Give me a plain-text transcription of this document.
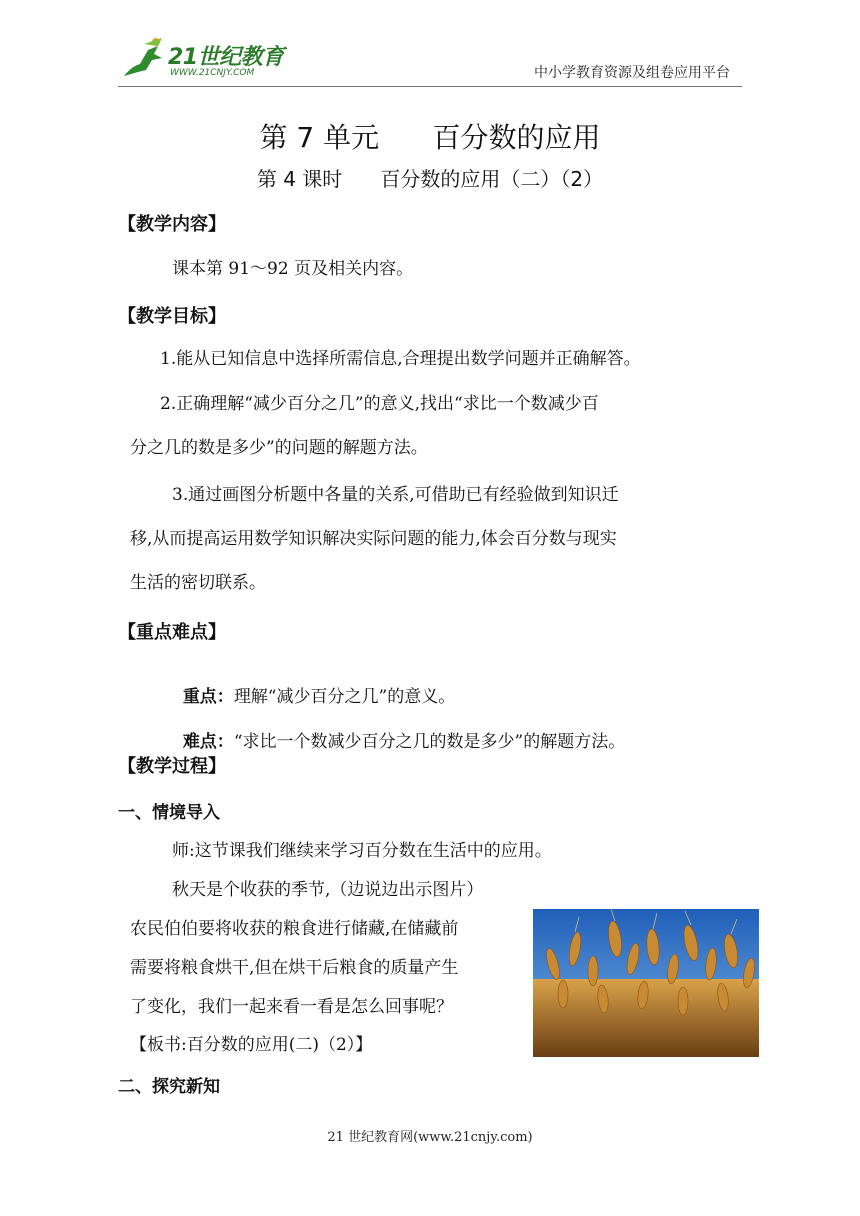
21世纪教育
WWW.21CNJY.COM	中小学教育资源及组卷应用平台
第 7 单元      百分数的应用
第 4 课时      百分数的应用（二）（2）
【教学内容】
课本第 91～92 页及相关内容。
【教学目标】
1.能从已知信息中选择所需信息,合理提出数学问题并正确解答。
2.正确理解“减少百分之几”的意义,找出“求比一个数减少百
分之几的数是多少”的问题的解题方法。
3.通过画图分析题中各量的关系,可借助已有经验做到知识迁
移,从而提高运用数学知识解决实际问题的能力,体会百分数与现实
生活的密切联系。
【重点难点】

重点：理解“减少百分之几”的意义。

难点：“求比一个数减少百分之几的数是多少”的解题方法。

【教学过程】
一、情境导入
师:这节课我们继续来学习百分数在生活中的应用。
秋天是个收获的季节,（边说边出示图片）
农民伯伯要将收获的粮食进行储藏,在储藏前
需要将粮食烘干,但在烘干后粮食的质量产生
了变化，我们一起来看一看是怎么回事呢？
【板书:百分数的应用(二)（2）】
二、探究新知
21 世纪教育网(www.21cnjy.com)
